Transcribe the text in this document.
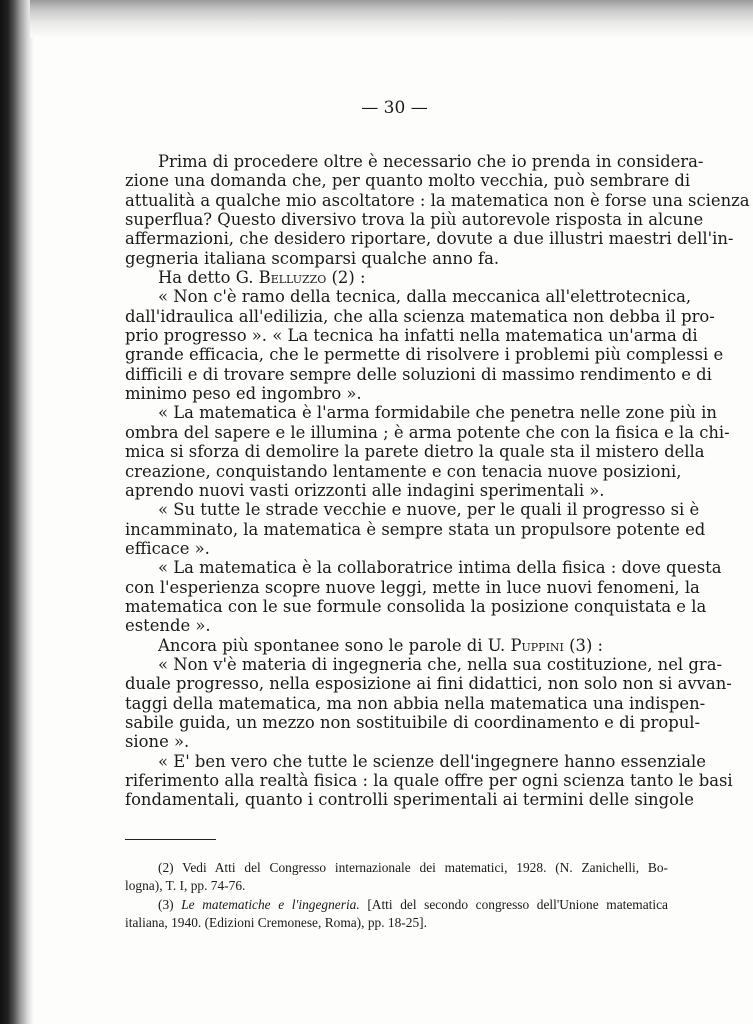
— 30 —
Prima di procedere oltre è necessario che io prenda in considera-
zione una domanda che, per quanto molto vecchia, può sembrare di
attualità a qualche mio ascoltatore : la matematica non è forse una scienza
superflua? Questo diversivo trova la più autorevole risposta in alcune
affermazioni, che desidero riportare, dovute a due illustri maestri dell'in-
gegneria italiana scomparsi qualche anno fa.
Ha detto G. Belluzzo (2) :
« Non c'è ramo della tecnica, dalla meccanica all'elettrotecnica,
dall'idraulica all'edilizia, che alla scienza matematica non debba il pro-
prio progresso ». « La tecnica ha infatti nella matematica un'arma di
grande efficacia, che le permette di risolvere i problemi più complessi e
difficili e di trovare sempre delle soluzioni di massimo rendimento e di
minimo peso ed ingombro ».
« La matematica è l'arma formidabile che penetra nelle zone più in
ombra del sapere e le illumina ; è arma potente che con la fisica e la chi-
mica si sforza di demolire la parete dietro la quale sta il mistero della
creazione, conquistando lentamente e con tenacia nuove posizioni,
aprendo nuovi vasti orizzonti alle indagini sperimentali ».
« Su tutte le strade vecchie e nuove, per le quali il progresso si è
incamminato, la matematica è sempre stata un propulsore potente ed
efficace ».
« La matematica è la collaboratrice intima della fisica : dove questa
con l'esperienza scopre nuove leggi, mette in luce nuovi fenomeni, la
matematica con le sue formule consolida la posizione conquistata e la
estende ».
Ancora più spontanee sono le parole di U. Puppini (3) :
« Non v'è materia di ingegneria che, nella sua costituzione, nel gra-
duale progresso, nella esposizione ai fini didattici, non solo non si avvan-
taggi della matematica, ma non abbia nella matematica una indispen-
sabile guida, un mezzo non sostituibile di coordinamento e di propul-
sione ».
« E' ben vero che tutte le scienze dell'ingegnere hanno essenziale
riferimento alla realtà fisica : la quale offre per ogni scienza tanto le basi
fondamentali, quanto i controlli sperimentali ai termini delle singole
(2) Vedi Atti del Congresso internazionale dei matematici, 1928. (N. Zanichelli, Bo-
logna), T. I, pp. 74-76.
(3) Le matematiche e l'ingegneria. [Atti del secondo congresso dell'Unione matematica
italiana, 1940. (Edizioni Cremonese, Roma), pp. 18-25].
